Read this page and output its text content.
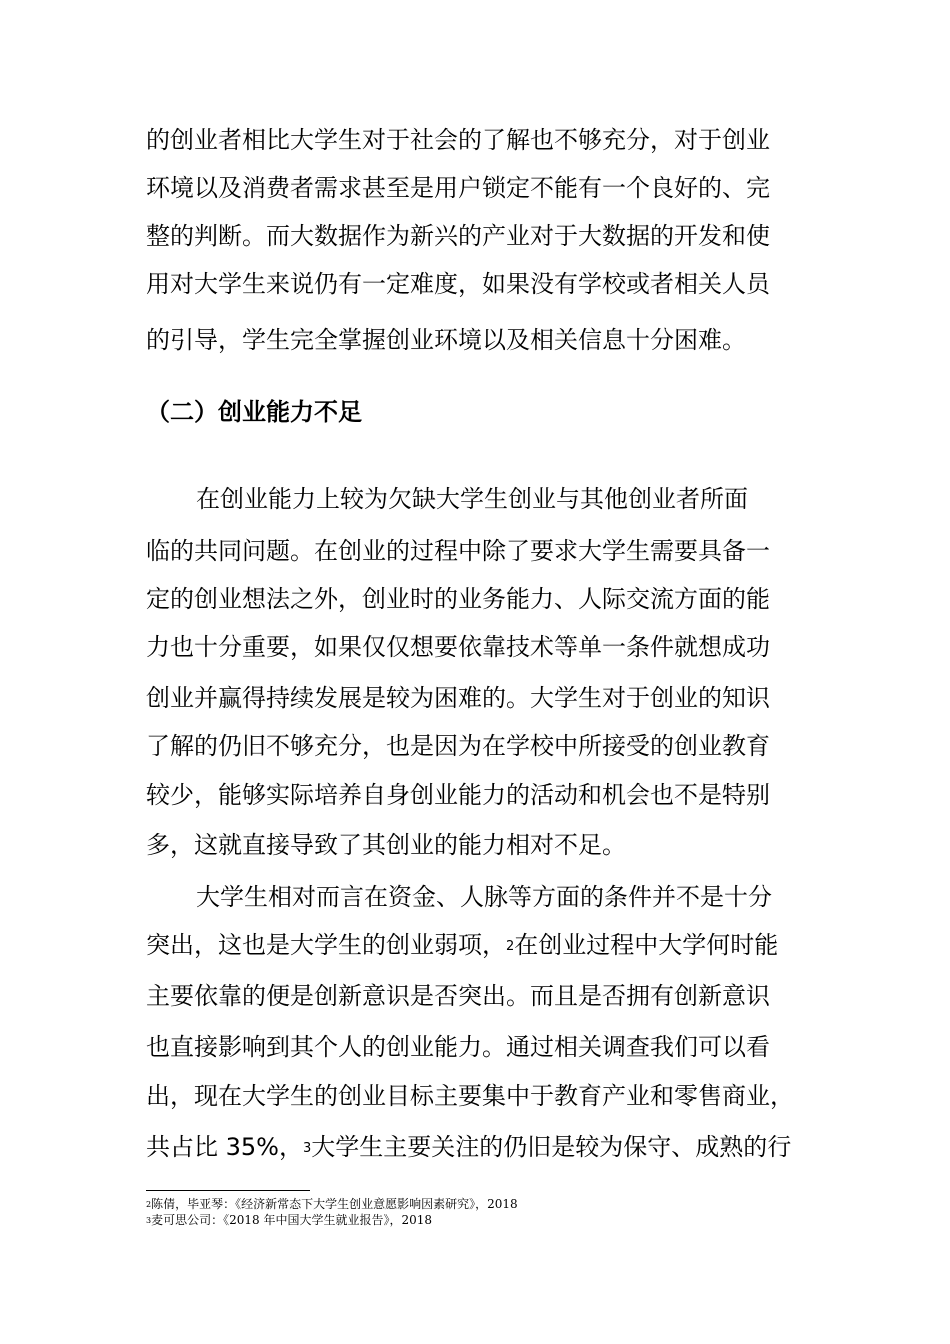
的创业者相比大学生对于社会的了解也不够充分，对于创业
环境以及消费者需求甚至是用户锁定不能有一个良好的、完
整的判断。而大数据作为新兴的产业对于大数据的开发和使
用对大学生来说仍有一定难度，如果没有学校或者相关人员
的引导，学生完全掌握创业环境以及相关信息十分困难。
（二）创业能力不足
在创业能力上较为欠缺大学生创业与其他创业者所面
临的共同问题。在创业的过程中除了要求大学生需要具备一
定的创业想法之外，创业时的业务能力、人际交流方面的能
力也十分重要，如果仅仅想要依靠技术等单一条件就想成功
创业并赢得持续发展是较为困难的。大学生对于创业的知识
了解的仍旧不够充分，也是因为在学校中所接受的创业教育
较少，能够实际培养自身创业能力的活动和机会也不是特别
多，这就直接导致了其创业的能力相对不足。
大学生相对而言在资金、人脉等方面的条件并不是十分
突出，这也是大学生的创业弱项，$^2$在创业过程中大学何时能
主要依靠的便是创新意识是否突出。而且是否拥有创新意识
也直接影响到其个人的创业能力。通过相关调查我们可以看
出，现在大学生的创业目标主要集中于教育产业和零售商业，
共占比 35%，$^3$大学生主要关注的仍旧是较为保守、成熟的行
$^2$陈倩，毕亚琴：《经济新常态下大学生创业意愿影响因素研究》，2018
$^3$麦可思公司：《2018 年中国大学生就业报告》，2018
